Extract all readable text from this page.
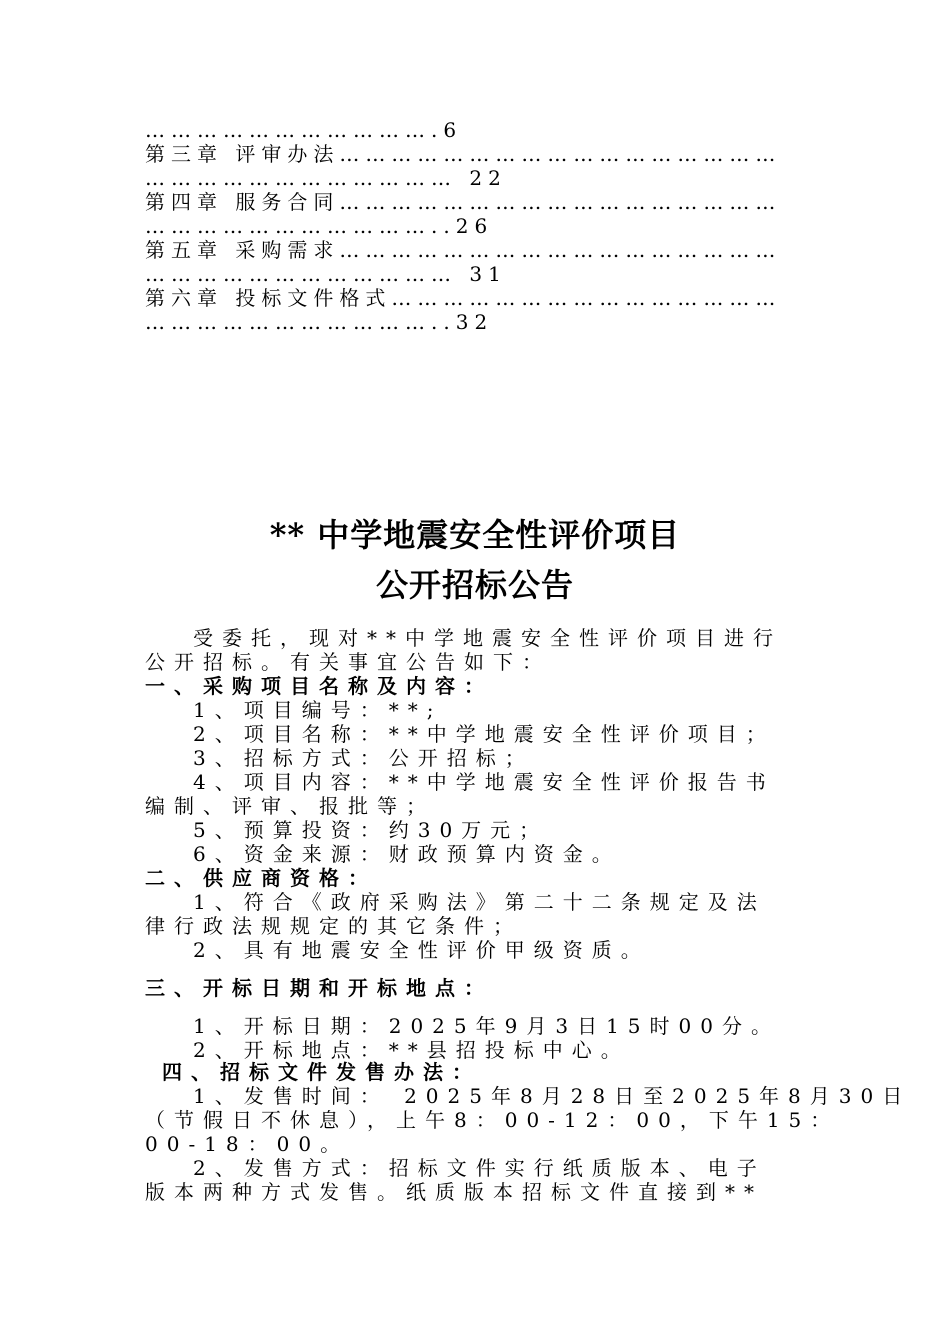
…………………………….6
第三章 评审办法……………………………………………
……………………………… 22
第四章 服务合同……………………………………………
……………………………..26
第五章 采购需求……………………………………………
……………………………… 31
第六章 投标文件格式………………………………………
……………………………..32
** 中学地震安全性评价项目
公开招标公告
受委托，现对**中学地震安全性评价项目进行
公开招标。有关事宜公告如下：
一、采购项目名称及内容：
1、项目编号：**;
2、项目名称：**中学地震安全性评价项目；
3、招标方式：公开招标；
4、项目内容：**中学地震安全性评价报告书
编制、评审、报批等；
5、预算投资：约30万元；
6、资金来源：财政预算内资金。
二、供应商资格：
1、符合《政府采购法》第二十二条规定及法
律行政法规规定的其它条件；
2、具有地震安全性评价甲级资质。
三、开标日期和开标地点：
1、开标日期：2025年9月3日15时00分。
2、开标地点：**县招投标中心。
四、招标文件发售办法：
1、发售时间： 2025年8月28日至2025年8月30日
（节假日不休息），上午8：00-12：00，下午15：
00-18：00。
2、发售方式：招标文件实行纸质版本、电子
版本两种方式发售。纸质版本招标文件直接到**
